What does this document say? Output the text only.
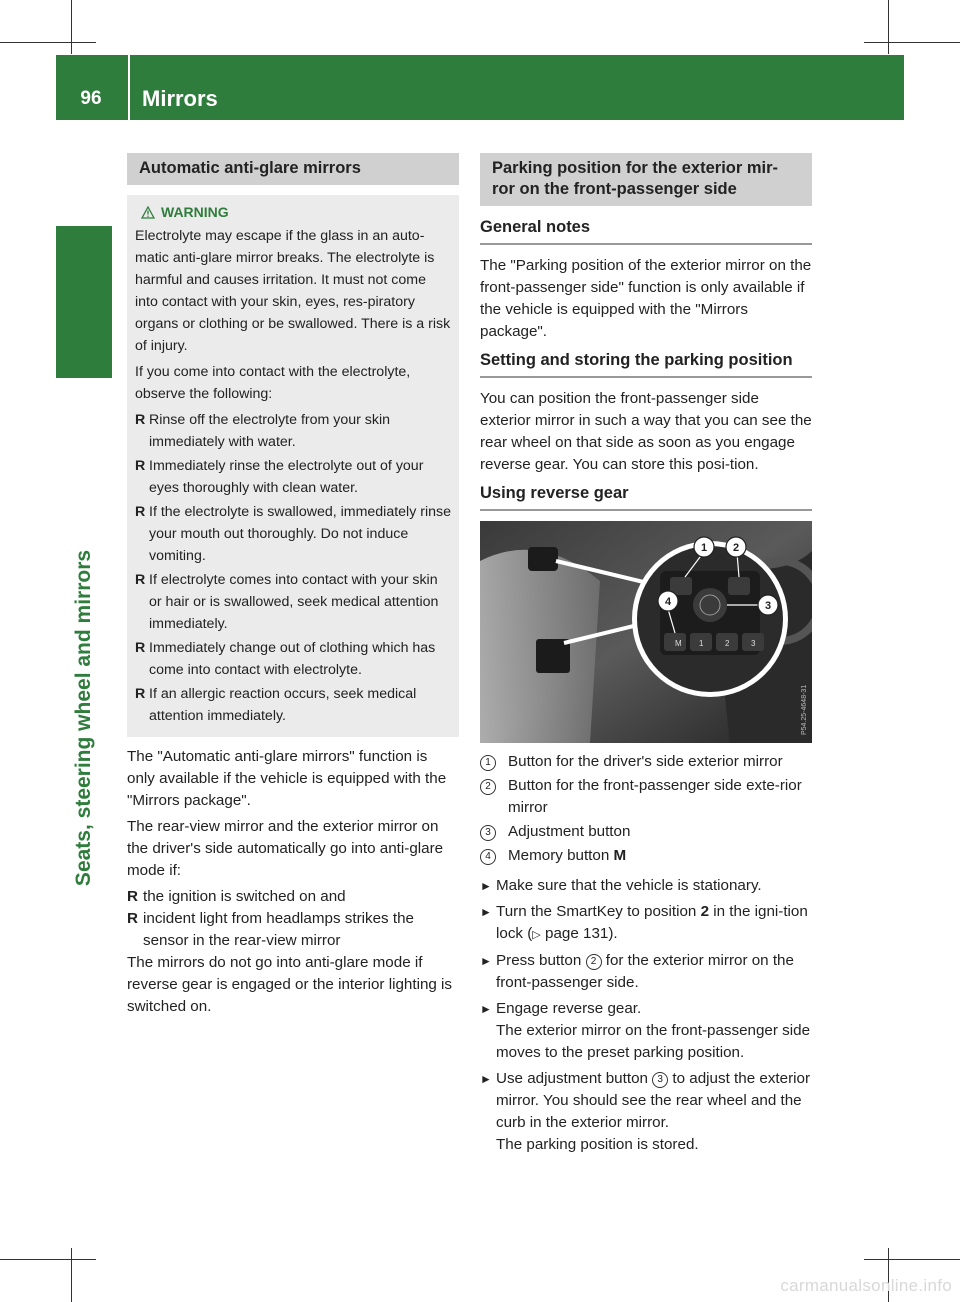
96	Mirrors
Seats, steering wheel and mirrors
Automatic anti-glare mirrors
WARNING
Electrolyte may escape if the glass in an auto-matic anti-glare mirror breaks. The electrolyte is harmful and causes irritation. It must not come into contact with your skin, eyes, res-piratory organs or clothing or be swallowed. There is a risk of injury.
If you come into contact with the electrolyte, observe the following:
R Rinse off the electrolyte from your skin immediately with water.
R Immediately rinse the electrolyte out of your eyes thoroughly with clean water.
R If the electrolyte is swallowed, immediately rinse your mouth out thoroughly. Do not induce vomiting.
R If electrolyte comes into contact with your skin or hair or is swallowed, seek medical attention immediately.
R Immediately change out of clothing which has come into contact with electrolyte.
R If an allergic reaction occurs, seek medical attention immediately.

The "Automatic anti-glare mirrors" function is only available if the vehicle is equipped with the "Mirrors package".

The rear-view mirror and the exterior mirror on the driver's side automatically go into anti-glare mode if:

R the ignition is switched on and
R incident light from headlamps strikes the sensor in the rear-view mirror

The mirrors do not go into anti-glare mode if reverse gear is engaged or the interior lighting is switched on.

Parking position for the exterior mir-ror on the front-passenger side
General notes

The "Parking position of the exterior mirror on the front-passenger side" function is only available if the vehicle is equipped with the "Mirrors package".

Setting and storing the parking position

You can position the front-passenger side exterior mirror in such a way that you can see the rear wheel on that side as soon as you engage reverse gear. You can store this posi-tion.

Using reverse gear
M 1	2	3
1 2
3
4
P54.25-4648-31
1	Button for the driver's side exterior mirror
2	Button for the front-passenger side exte-rior mirror
3	Adjustment button
4	Memory button M
► Make sure that the vehicle is stationary.
► Turn the SmartKey to position 2 in the igni-tion lock (▷ page 131).
► Press button 2 for the exterior mirror on the front-passenger side.
► Engage reverse gear.
The exterior mirror on the front-passenger side moves to the preset parking position.
► Use adjustment button 3 to adjust the exterior mirror. You should see the rear wheel and the curb in the exterior mirror.
The parking position is stored.
carmanualsonline.info
